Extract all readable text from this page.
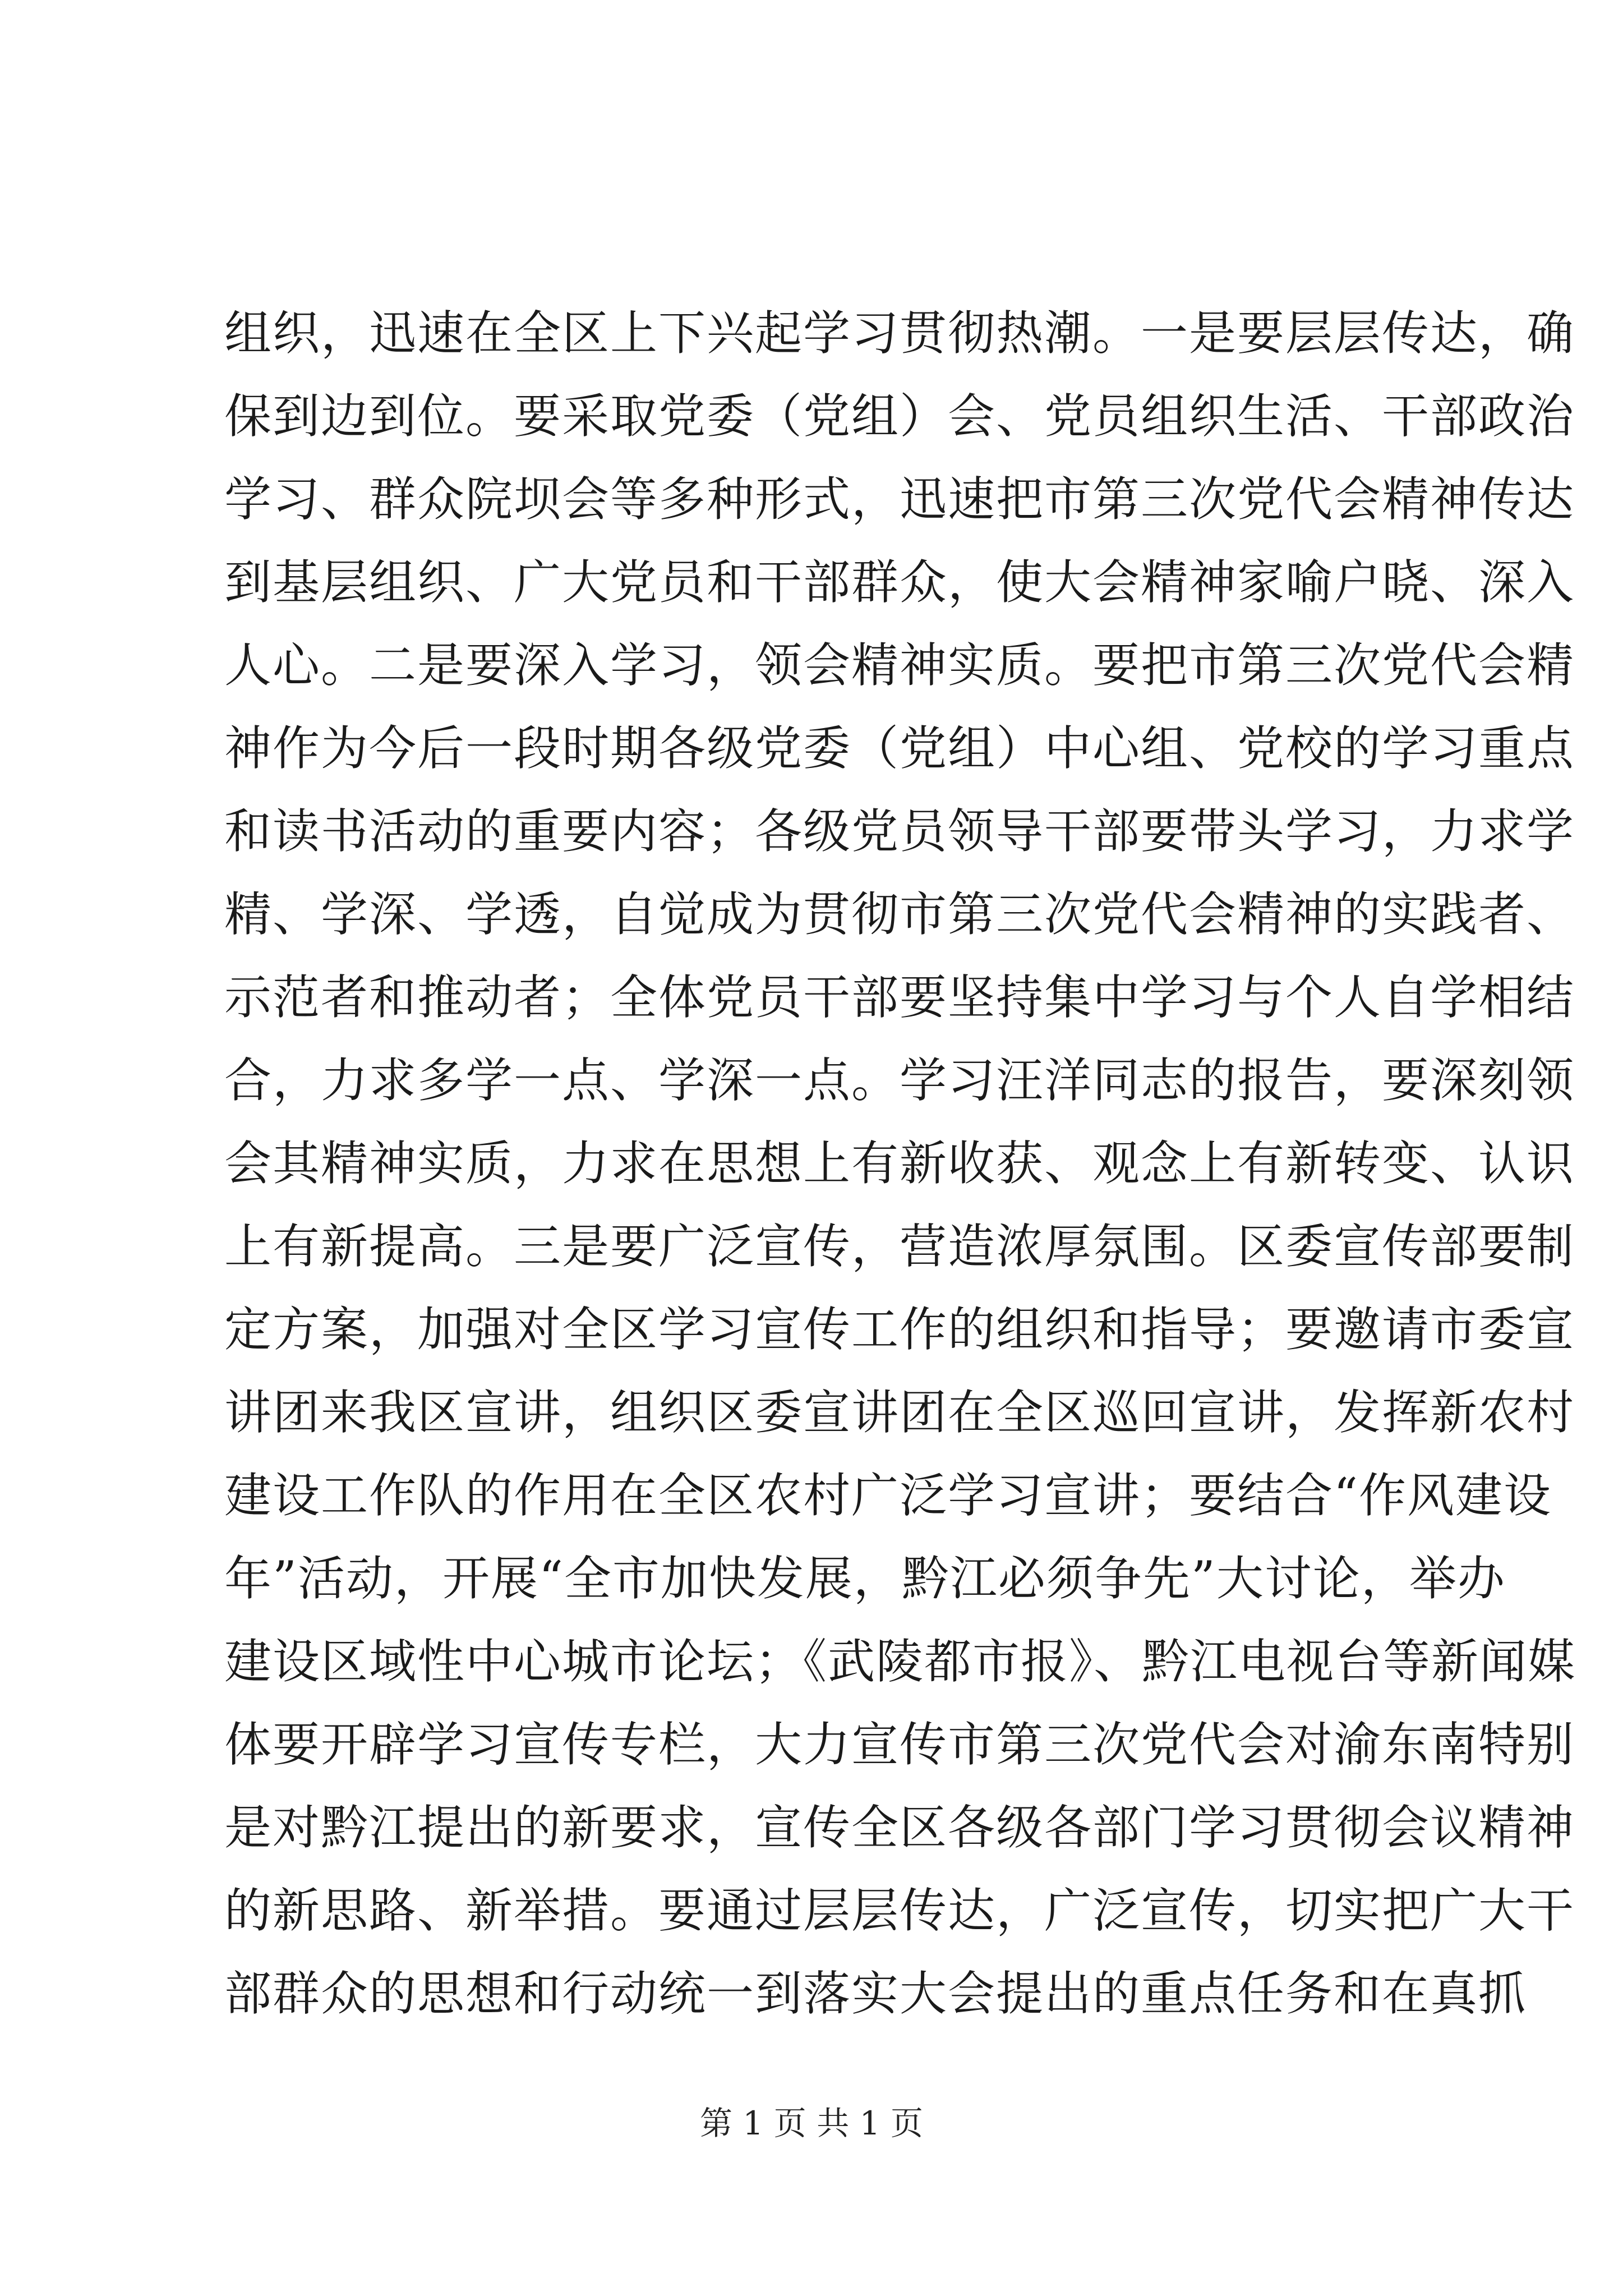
组织，迅速在全区上下兴起学习贯彻热潮。一是要层层传达，确
保到边到位。要采取党委（党组）会、党员组织生活、干部政治
学习、群众院坝会等多种形式，迅速把市第三次党代会精神传达
到基层组织、广大党员和干部群众，使大会精神家喻户晓、深入
人心。二是要深入学习，领会精神实质。要把市第三次党代会精
神作为今后一段时期各级党委（党组）中心组、党校的学习重点
和读书活动的重要内容；各级党员领导干部要带头学习，力求学
精、学深、学透，自觉成为贯彻市第三次党代会精神的实践者、
示范者和推动者；全体党员干部要坚持集中学习与个人自学相结
合，力求多学一点、学深一点。学习汪洋同志的报告，要深刻领
会其精神实质，力求在思想上有新收获、观念上有新转变、认识
上有新提高。三是要广泛宣传，营造浓厚氛围。区委宣传部要制
定方案，加强对全区学习宣传工作的组织和指导；要邀请市委宣
讲团来我区宣讲，组织区委宣讲团在全区巡回宣讲，发挥新农村
建设工作队的作用在全区农村广泛学习宣讲；要结合“作风建设
年”活动，开展“全市加快发展，黔江必须争先”大讨论，举办
建设区域性中心城市论坛；《武陵都市报》、黔江电视台等新闻媒
体要开辟学习宣传专栏，大力宣传市第三次党代会对渝东南特别
是对黔江提出的新要求，宣传全区各级各部门学习贯彻会议精神
的新思路、新举措。要通过层层传达，广泛宣传，切实把广大干
部群众的思想和行动统一到落实大会提出的重点任务和在真抓
第 1 页 共 1 页
